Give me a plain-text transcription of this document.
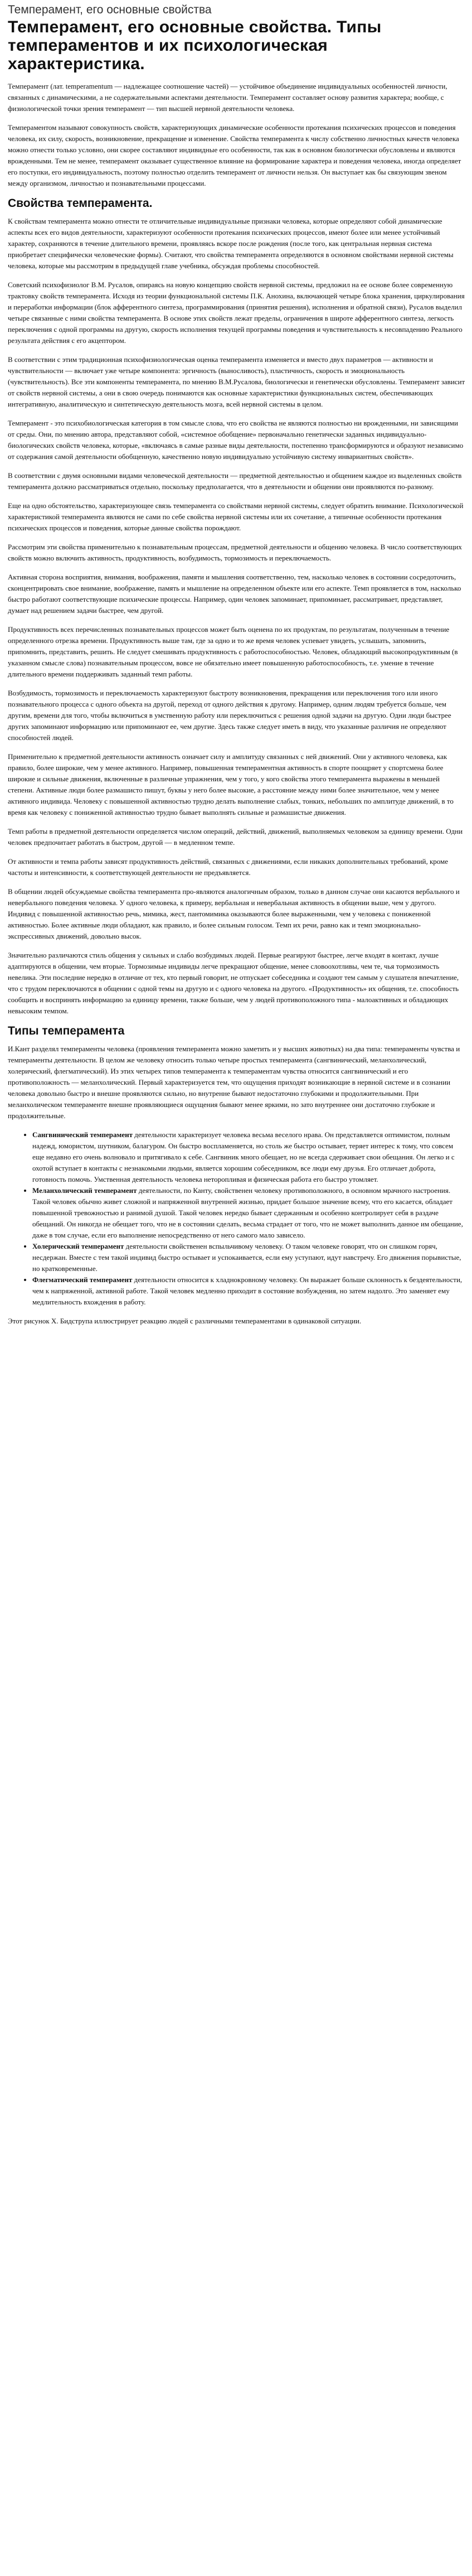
Темперамент, его основные свойства
Темперамент, его основные свойства. Типы темпераментов и их психологическая характеристика.

Темперамент (лат. temperamentum — надлежащее соотношение частей) — устойчивое объединение индивидуальных особенностей личности, связанных с динамическими, а не содержательными аспектами деятельности. Темперамент составляет основу развития характера; вообще, с физиологической точки зрения темперамент — тип высшей нервной деятельности человека.

Темпераментом называют совокупность свойств, характеризующих динамические особенности протекания психических процессов и поведения человека, их силу, скорость, возникновение, прекращение и изменение. Свойства темперамента к числу собственно личностных качеств человека можно отнести только условно, они скорее составляют индивидные его особенности, так как в основном биологически обусловлены и являются врожденными. Тем не менее, темперамент оказывает существенное влияние на формирование характера и поведения человека, иногда определяет его поступки, его индивидуальность, поэтому полностью отделить темперамент от личности нельзя. Он выступает как бы связующим звеном между организмом, личностью и познавательными процессами.

Свойства темперамента.

К свойствам темперамента можно отнести те отличительные индивидуальные признаки человека, которые определяют собой динамические аспекты всех его видов деятельности, характеризуют особенности протекания психических процессов, имеют более или менее устойчивый характер, сохраняются в течение длительного времени, проявляясь вскоре после рождения (после того, как центральная нервная система приобретает специфически человеческие формы). Считают, что свойства темперамента определяются в основном свойствами нервной системы человека, которые мы рассмотрим в предыдущей главе учебника, обсуждая проблемы способностей.

Советский психофизиолог В.М. Русалов, опираясь на новую концепцию свойств нервной системы, предложил на ее основе более современную трактовку свойств темперамента. Исходя из теории функциональной системы П.К. Анохина, включающей четыре блока хранения, циркулирования и переработки информации (блок афферентного синтеза, программирования (принятия решения), исполнения и обратной связи), Русалов выделил четыре связанные с ними свойства темперамента. В основе этих свойств лежат пределы, ограничения в широте афферентного синтеза, легкость переключения с одной программы на другую, скорость исполнения текущей программы поведения и чувствительность к несовпадению Реального результата действия с его акцептором.

В соответствии с этим традиционная психофизиологическая оценка темперамента изменяется и вместо двух параметров — активности и чувствительности — включает уже четыре компонента: эргичность (выносливость), пластичность, скорость и эмоциональность (чувствительность). Все эти компоненты темперамента, по мнению В.М.Русалова, биологически и генетически обусловлены. Темперамент зависит от свойств нервной системы, а они в свою очередь понимаются как основные характеристики функциональных систем, обеспечивающих интегративную, аналитическую и синтетическую деятельность мозга, всей нервной системы в целом.

Темперамент - это психобиологическая категория в том смысле слова, что его свойства не являются полностью ни врожденными, ни зависящими от среды. Они, по мнению автора, представляют собой, «системное обобщение» первоначально генетически заданных индивидуально-биологических свойств человека, которые, «включаясь в самые разные виды деятельности, постепенно трансформируются и образуют независимо от содержания самой деятельности обобщенную, качественно новую индивидуально устойчивую систему инвариантных свойств».

В соответствии с двумя основными видами человеческой деятельности — предметной деятельностью и общением каждое из выделенных свойств темперамента должно рассматриваться отдельно, поскольку предполагается, что в деятельности и общении они проявляются по-разному.

Еще на одно обстоятельство, характеризующее связь темперамента со свойствами нервной системы, следует обратить внимание. Психологической характеристикой темперамента являются не сами по себе свойства нервной системы или их сочетание, а типичные особенности протекания психических процессов и поведения, которые данные свойства порождают.

Рассмотрим эти свойства применительно к познавательным процессам, предметной деятельности и общению человека. В число соответствующих свойств можно включить активность, продуктивность, возбудимость, тормозимость и переключаемость.

Активная сторона восприятия, внимания, воображения, памяти и мышления соответственно, тем, насколько человек в состоянии сосредоточить, сконцентрировать свое внимание, воображение, память и мышление на определенном объекте или его аспекте. Темп проявляется в том, насколько быстро работают соответствующие психические процессы. Например, один человек запоминает, припоминает, рассматривает, представляет, думает над решением задачи быстрее, чем другой.

Продуктивность всех перечисленных познавательных процессов может быть оценена по их продуктам, по результатам, полученным в течение определенного отрезка времени. Продуктивность выше там, где за одно и то же время человек успевает увидеть, услышать, запомнить, припомнить, представить, решить. Не следует смешивать продуктивность с работоспособностью. Человек, обладающий высокопродуктивным (в указанном смысле слова) познавательным процессом, вовсе не обязательно имеет повышенную работоспособность, т.е. умение в течение длительного времени поддерживать заданный темп работы.

Возбудимость, тормозимость и переключаемость характеризуют быстроту возникновения, прекращения или переключения того или иного познавательного процесса с одного объекта на другой, переход от одного действия к другому. Например, одним людям требуется больше, чем другим, времени для того, чтобы включиться в умственную работу или переключиться с решения одной задачи на другую. Одни люди быстрее других запоминают информацию или припоминают ее, чем другие. Здесь также следует иметь в виду, что указанные различия не определяют способностей людей.

Применительно к предметной деятельности активность означает силу и амплитуду связанных с ней движений. Они у активного человека, как правило, более широкие, чем у менее активного. Например, повышенная темпераментная активность в спорте поощряет у спортсмена более широкие и сильные движения, включенные в различные упражнения, чем у того, у кого свойства этого темперамента выражены в меньшей степени. Активные люди более размашисто пишут, буквы у него более высокие, а расстояние между ними более значительное, чем у менее активного индивида. Человеку с повышенной активностью трудно делать выполнение слабых, тонких, небольших по амплитуде движений, в то время как человеку с пониженной активностью трудно бывает выполнять сильные и размашистые движения.

Темп работы в предметной деятельности определяется числом операций, действий, движений, выполняемых человеком за единицу времени. Одни человек предпочитает работать в быстром, другой — в медленном темпе.

От активности и темпа работы зависят продуктивность действий, связанных с движениями, если никаких дополнительных требований, кроме частоты и интенсивности, к соответствующей деятельности не предъявляется.

В общении людей обсуждаемые свойства темперамента про-являются аналогичным образом, только в данном случае они касаются вербального и невербального поведения человека. У одного человека, к примеру, вербальная и невербальная активность в общении выше, чем у другого. Индивид с повышенной активностью речь, мимика, жест, пантомимика оказываются более выраженными, чем у человека с пониженной активностью. Более активные люди обладают, как правило, и более сильным голосом. Темп их речи, равно как и темп эмоционально-экспрессивных движений, довольно высок.

Значительно различаются стиль общения у сильных и слабо возбудимых людей. Первые реагируют быстрее, легче входят в контакт, лучше адаптируются в общении, чем вторые. Тормозимые индивиды легче прекращают общение, менее словоохотливы, чем те, чья тормозимость невелика. Эти последние нередко в отличие от тех, кто первый говорит, не отпускает собеседника и создают тем самым у слушателя впечатление, что с трудом переключаются в общении с одной темы на другую и с одного человека на другого. «Продуктивность» их общения, т.е. способность сообщить и воспринять информацию за единицу времени, также больше, чем у людей противоположного типа - малоактивных и обладающих невысоким темпом.

Типы темперамента

И.Кант разделял темпераменты человека (проявления темперамента можно заметить и у высших животных) на два типа: темпераменты чувства и темпераменты деятельности. В целом же человеку относить только четыре простых темперамента (сангвинический, меланхолический, холерический, флегматический). Из этих четырех типов темперамента к темпераментам чувства относится сангвинический и его противоположность — меланхолический. Первый характеризуется тем, что ощущения приходят возникающие в нервной системе и в сознании человека довольно быстро и внешне проявляются сильно, но внутренне бывают недостаточно глубокими и продолжительными. При меланхолическом темпераменте внешне проявляющиеся ощущения бывают менее яркими, но зато внутреннее они достаточно глубокие и продолжительные.

• Сангвинический темперамент деятельности характеризует человека весьма веселого нрава. Он представляется оптимистом, полным надежд, юмористом, шутником, балагуром. Он быстро воспламеняется, но столь же быстро остывает, теряет интерес к тому, что совсем еще недавно его очень волновало и притягивало к себе. Сангвиник много обещает, но не всегда сдерживает свои обещания. Он легко и с охотой вступает в контакты с незнакомыми людьми, является хорошим собеседником, все люди ему друзья. Его отличает доброта, готовность помочь. Умственная деятельность человека неторопливая и физическая работа его быстро утомляет.
• Меланхолический темперамент деятельности, по Канту, свойственен человеку противоположного, в основном мрачного настроения. Такой человек обычно живет сложной и напряженной внутренней жизнью, придает большое значение всему, что его касается, обладает повышенной тревожностью и ранимой душой. Такой человек нередко бывает сдержанным и особенно контролирует себя в раздаче обещаний. Он никогда не обещает того, что не в состоянии сделать, весьма страдает от того, что не может выполнить данное им обещание, даже в том случае, если его выполнение непосредственно от него самого мало зависело.
• Холерический темперамент деятельности свойственен вспыльчивому человеку. О таком человеке говорят, что он слишком горяч, несдержан. Вместе с тем такой индивид быстро остывает и успокаивается, если ему уступают, идут навстречу. Его движения порывистые, но кратковременные.
• Флегматический темперамент деятельности относится к хладнокровному человеку. Он выражает больше склонность к бездеятельности, чем к напряженной, активной работе. Такой человек медленно приходит в состояние возбуждения, но затем надолго. Это заменяет ему медлительность вхождения в работу.

Этот рисунок Х. Бидструпа иллюстрирует реакцию людей с различными темпераментами в одинаковой ситуации.
